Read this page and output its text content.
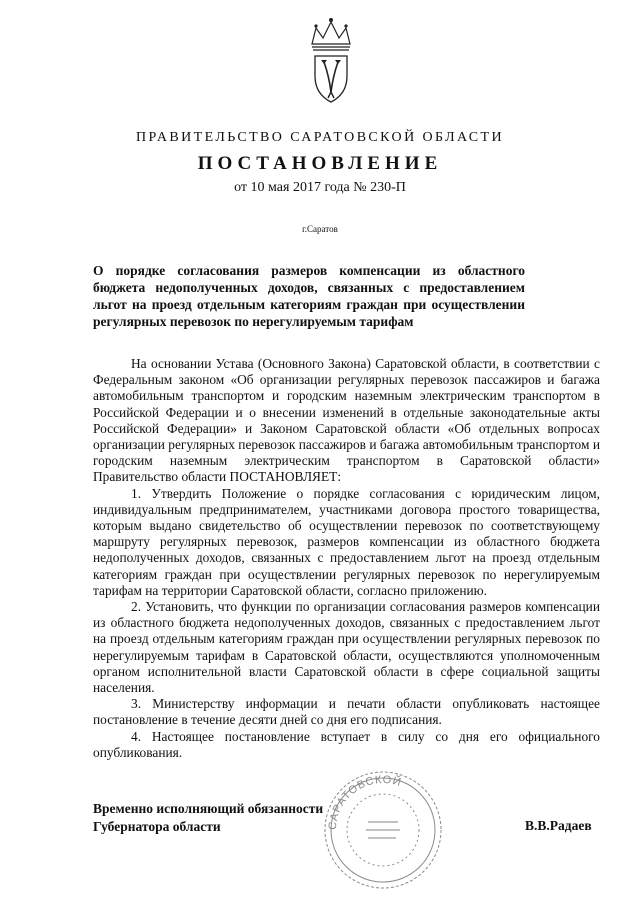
ПРАВИТЕЛЬСТВО САРАТОВСКОЙ ОБЛАСТИ
ПОСТАНОВЛЕНИЕ
от 10 мая 2017 года № 230-П
г.Саратов
О порядке согласования размеров компенсации из областного бюджета недополученных доходов, связанных с предоставлением льгот на проезд отдельным категориям граждан при осуществлении регулярных перевозок по нерегулируемым тарифам

На основании Устава (Основного Закона) Саратовской области, в соответствии с Федеральным законом «Об организации регулярных перевозок пассажиров и багажа автомобильным транспортом и городским наземным электрическим транспортом в Российской Федерации и о внесении изменений в отдельные законодательные акты Российской Федерации» и Законом Саратовской области «Об отдельных вопросах организации регулярных перевозок пассажиров и багажа автомобильным транспортом и городским наземным электрическим транспортом в Саратовской области» Правительство области ПОСТАНОВЛЯЕТ:

1. Утвердить Положение о порядке согласования с юридическим лицом, индивидуальным предпринимателем, участниками договора простого товарищества, которым выдано свидетельство об осуществлении перевозок по соответствующему маршруту регулярных перевозок, размеров компенсации из областного бюджета недополученных доходов, связанных с предоставлением льгот на проезд отдельным категориям граждан при осуществлении регулярных перевозок по нерегулируемым тарифам на территории Саратовской области, согласно приложению.

2. Установить, что функции по организации согласования размеров компенсации из областного бюджета недополученных доходов, связанных с предоставлением льгот на проезд отдельным категориям граждан при осуществлении регулярных перевозок по нерегулируемым тарифам в Саратовской области, осуществляются уполномоченным органом исполнительной власти Саратовской области в сфере социальной защиты населения.

3. Министерству информации и печати области опубликовать настоящее постановление в течение десяти дней со дня его подписания.

4. Настоящее постановление вступает в силу со дня его официального опубликования.

САРАТОВСКОЙ
Временно исполняющий обязанности
Губернатора области	В.В.Радаев
